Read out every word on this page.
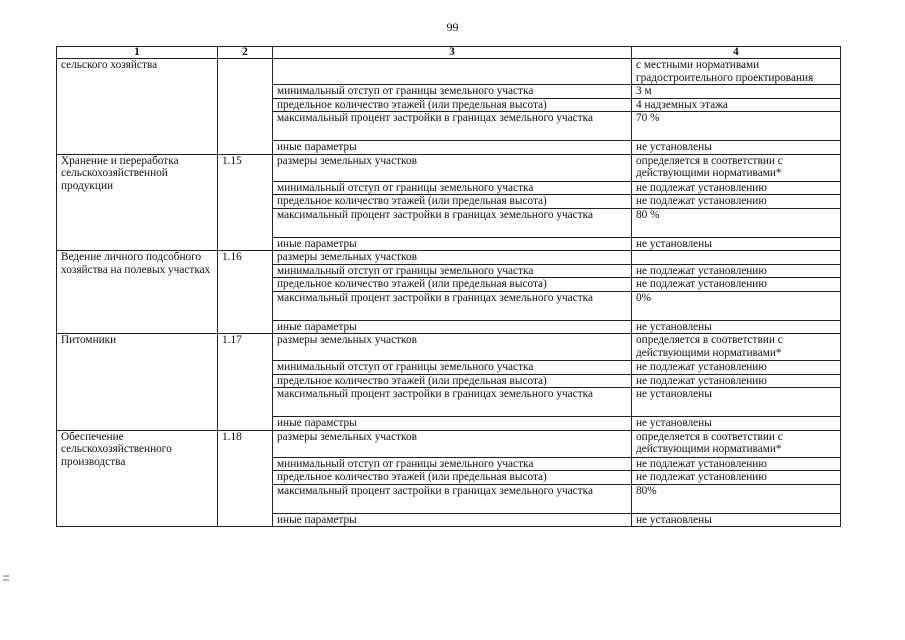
99
1	2	3	4
сельского хозяйства			с местными нормативами градостроительного проектирования
		минимальный отступ от границы земельного участка	3 м
		предельное количество этажей (или предельная высота)	4 надземных этажа
		максимальный процент застройки в границах земельного участка	70 %
		иные параметры	не установлены
Хранение и переработка сельскохозяйственной продукции	1.15	размеры земельных участков	определяется в соответствии с действующими нормативами*
		минимальный отступ от границы земельного участка	не подлежат установлению
		предельное количество этажей (или предельная высота)	не подлежат установлению
		максимальный процент застройки в границах земельного участка	80 %
		иные параметры	не установлены
Ведение личного подсобного хозяйства на полевых участках	1.16	размеры земельных участков	
		минимальный отступ от границы земельного участка	не подлежат установлению
		предельное количество этажей (или предельная высота)	не подлежат установлению
		максимальный процент застройки в границах земельного участка	0%
		иные параметры	не установлены
Питомники	1.17	размеры земельных участков	определяется в соответствии с действующими нормативами*
		минимальный отступ от границы земельного участка	не подлежат установлению
		предельное количество этажей (или предельная высота)	не подлежат установлению
		максимальный процент застройки в границах земельного участка	не установлены
		иные парамстры	не установлены
Обеспечение сельскохозяйственного производства	1.18	размеры земельных участков	определяется в соответствии с действующими нормативами*
		минимальный отступ от границы земельного участка	не подлежат установлению
		предельное количество этажей (или предельная высота)	не подлежат установлению
		максимальный процент застройки в границах земельного участка	80%
		иные параметры	не установлены
